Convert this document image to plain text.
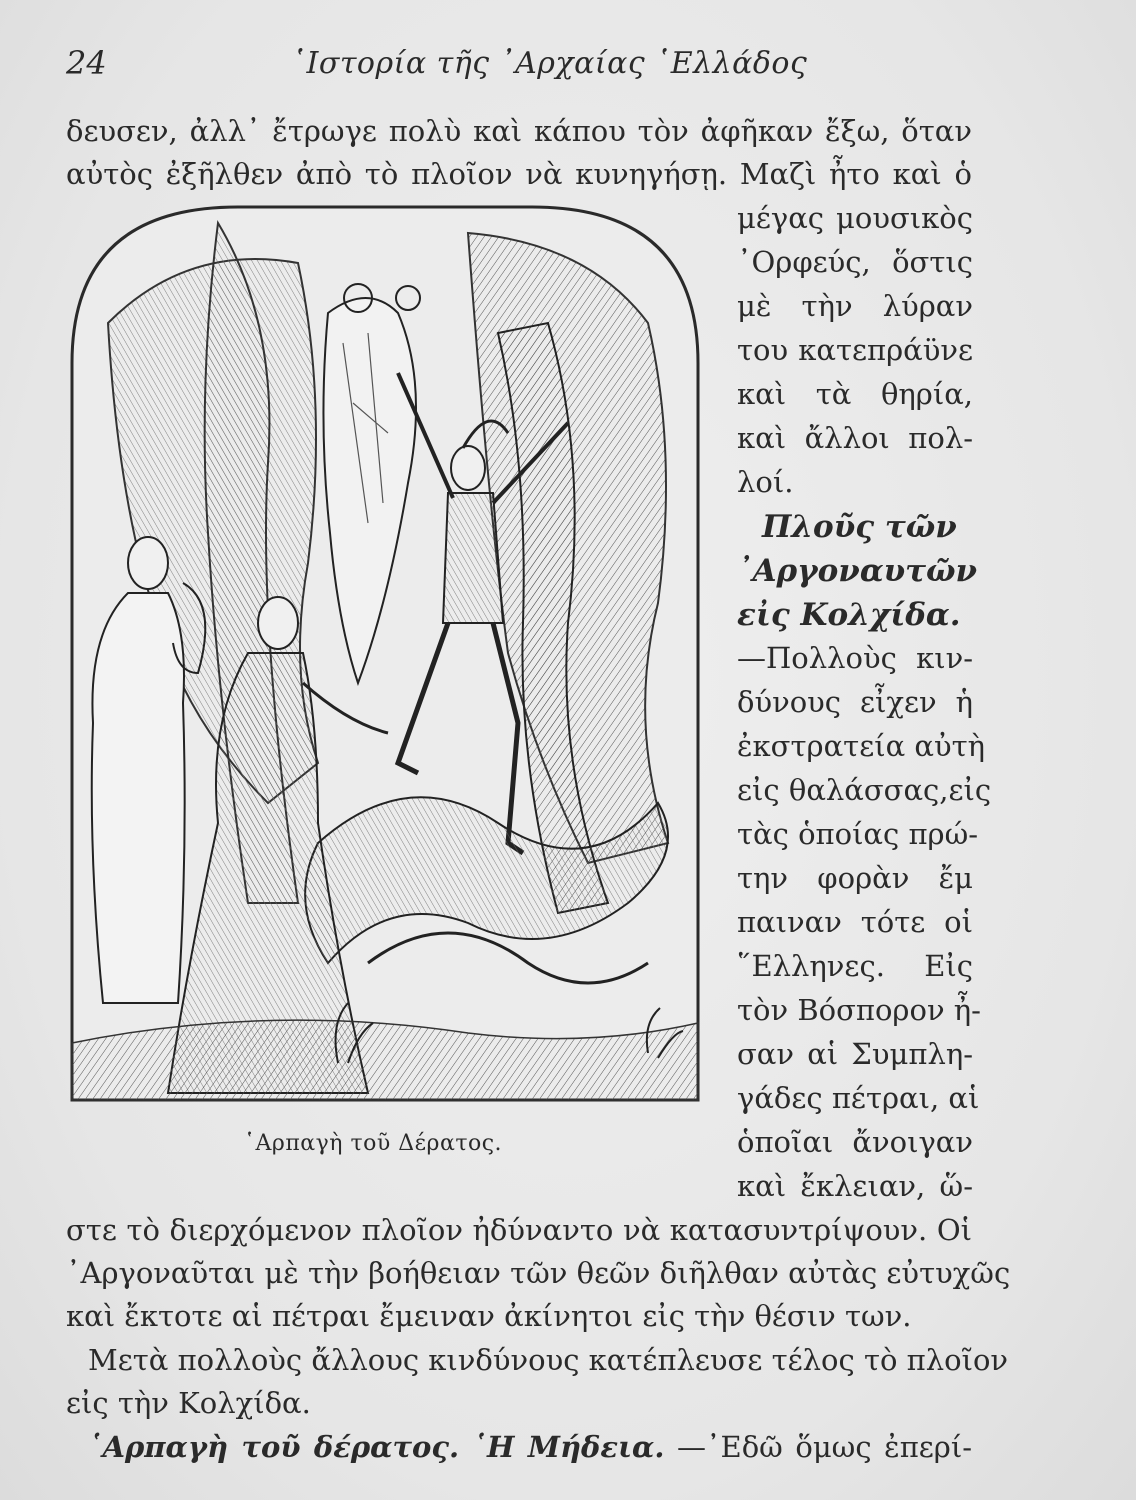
24	῾Ιστορία τῆς ᾿Αρχαίας ῾Ελλάδος
δευσεν, ἀλλ᾿ ἔτρωγε πολὺ καὶ κάπου τὸν ἀφῆκαν ἔξω, ὅταν
αὐτὸς ἐξῆλθεν ἀπὸ τὸ πλοῖον νὰ κυνηγήσῃ. Μαζὶ ἦτο καὶ ὁ
῾Αρπαγὴ τοῦ Δέρατος.
μέγας μουσικὸς
᾿Ορφεύς, ὅστις
μὲ τὴν λύραν
του κατεπράϋνε
καὶ τὰ θηρία,
καὶ ἄλλοι πολ-
λοί.
Πλοῦς τῶν
᾿Αργοναυτῶν
εἰς Κολχίδα.
—Πολλοὺς κιν-
δύνους εἶχεν ἡ
ἐκστρατεία αὐτὴ
εἰς θαλάσσας,εἰς
τὰς ὁποίας πρώ-
την φορὰν ἔμ
παιναν τότε οἱ
῞Ελληνες. Εἰς
τὸν Βόσπορον ἦ-
σαν αἱ Συμπλη-
γάδες πέτραι, αἱ
ὁποῖαι ἄνοιγαν
καὶ ἔκλειαν, ὥ-
στε τὸ διερχόμενον πλοῖον ἠδύναντο νὰ κατασυντρίψουν. Οἱ
᾿Αργοναῦται μὲ τὴν βοήθειαν τῶν θεῶν διῆλθαν αὐτὰς εὐτυχῶς
καὶ ἔκτοτε αἱ πέτραι ἔμειναν ἀκίνητοι εἰς τὴν θέσιν των.
Μετὰ πολλοὺς ἄλλους κινδύνους κατέπλευσε τέλος τὸ πλοῖον
εἰς τὴν Κολχίδα.
῾Αρπαγὴ τοῦ δέρατος. ῾Η Μήδεια. —᾿Εδῶ ὅμως ἐπερί-
